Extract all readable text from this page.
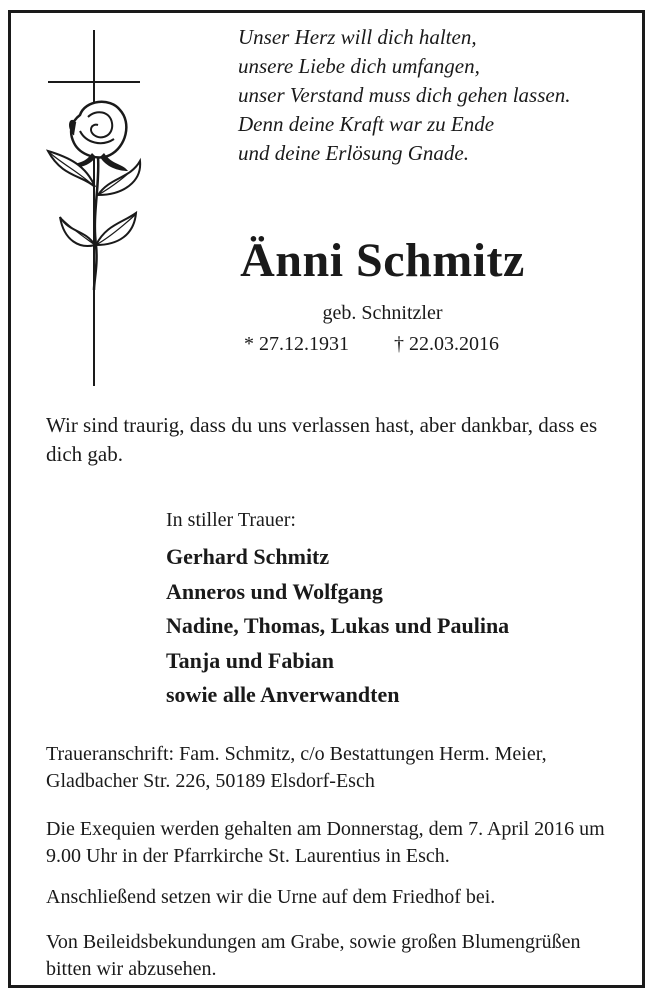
Unser Herz will dich halten,
unsere Liebe dich umfangen,
unser Verstand muss dich gehen lassen.
Denn deine Kraft war zu Ende
und deine Erlösung Gnade.
Änni Schmitz
geb. Schnitzler
* 27.12.1931 † 22.03.2016
Wir sind traurig, dass du uns verlassen hast, aber dankbar, dass es dich gab.
In stiller Trauer:
Gerhard Schmitz
Anneros und Wolfgang
Nadine, Thomas, Lukas und Paulina
Tanja und Fabian
sowie alle Anverwandten
Traueranschrift: Fam. Schmitz, c/o Bestattungen Herm. Meier, Gladbacher Str. 226, 50189 Elsdorf-Esch
Die Exequien werden gehalten am Donnerstag, dem 7. April 2016 um 9.00 Uhr in der Pfarrkirche St. Laurentius in Esch.
Anschließend setzen wir die Urne auf dem Friedhof bei.
Von Beileidsbekundungen am Grabe, sowie großen Blumengrüßen bitten wir abzusehen.
